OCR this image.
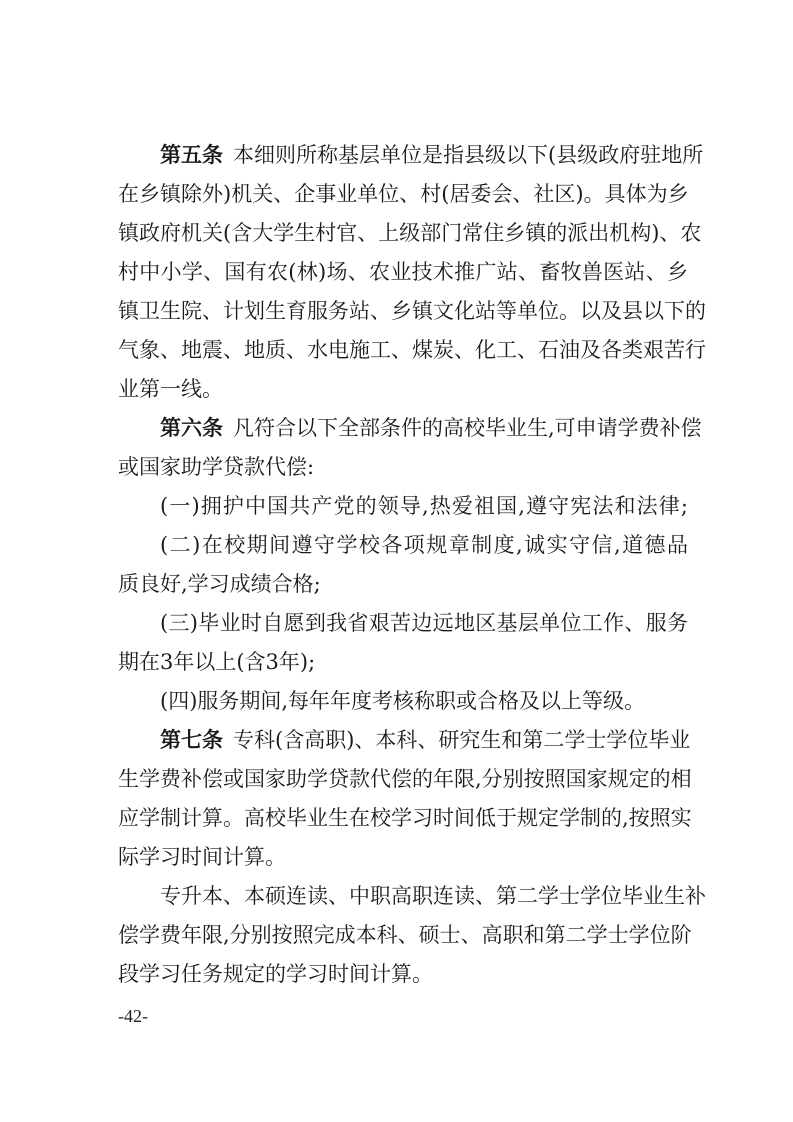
第五条 本细则所称基层单位是指县级以下(县级政府驻地所
在乡镇除外)机关、企事业单位、村(居委会、社区)。具体为乡
镇政府机关(含大学生村官、上级部门常住乡镇的派出机构)、农
村中小学、国有农(林)场、农业技术推广站、畜牧兽医站、乡
镇卫生院、计划生育服务站、乡镇文化站等单位。以及县以下的
气象、地震、地质、水电施工、煤炭、化工、石油及各类艰苦行
业第一线。
第六条 凡符合以下全部条件的高校毕业生,可申请学费补偿
或国家助学贷款代偿:
(一)拥护中国共产党的领导,热爱祖国,遵守宪法和法律;
(二)在校期间遵守学校各项规章制度,诚实守信,道德品
质良好,学习成绩合格;
(三)毕业时自愿到我省艰苦边远地区基层单位工作、服务
期在3年以上(含3年);
(四)服务期间,每年年度考核称职或合格及以上等级。
第七条 专科(含高职)、本科、研究生和第二学士学位毕业
生学费补偿或国家助学贷款代偿的年限,分别按照国家规定的相
应学制计算。高校毕业生在校学习时间低于规定学制的,按照实
际学习时间计算。
专升本、本硕连读、中职高职连读、第二学士学位毕业生补
偿学费年限,分别按照完成本科、硕士、高职和第二学士学位阶
段学习任务规定的学习时间计算。
-42-
